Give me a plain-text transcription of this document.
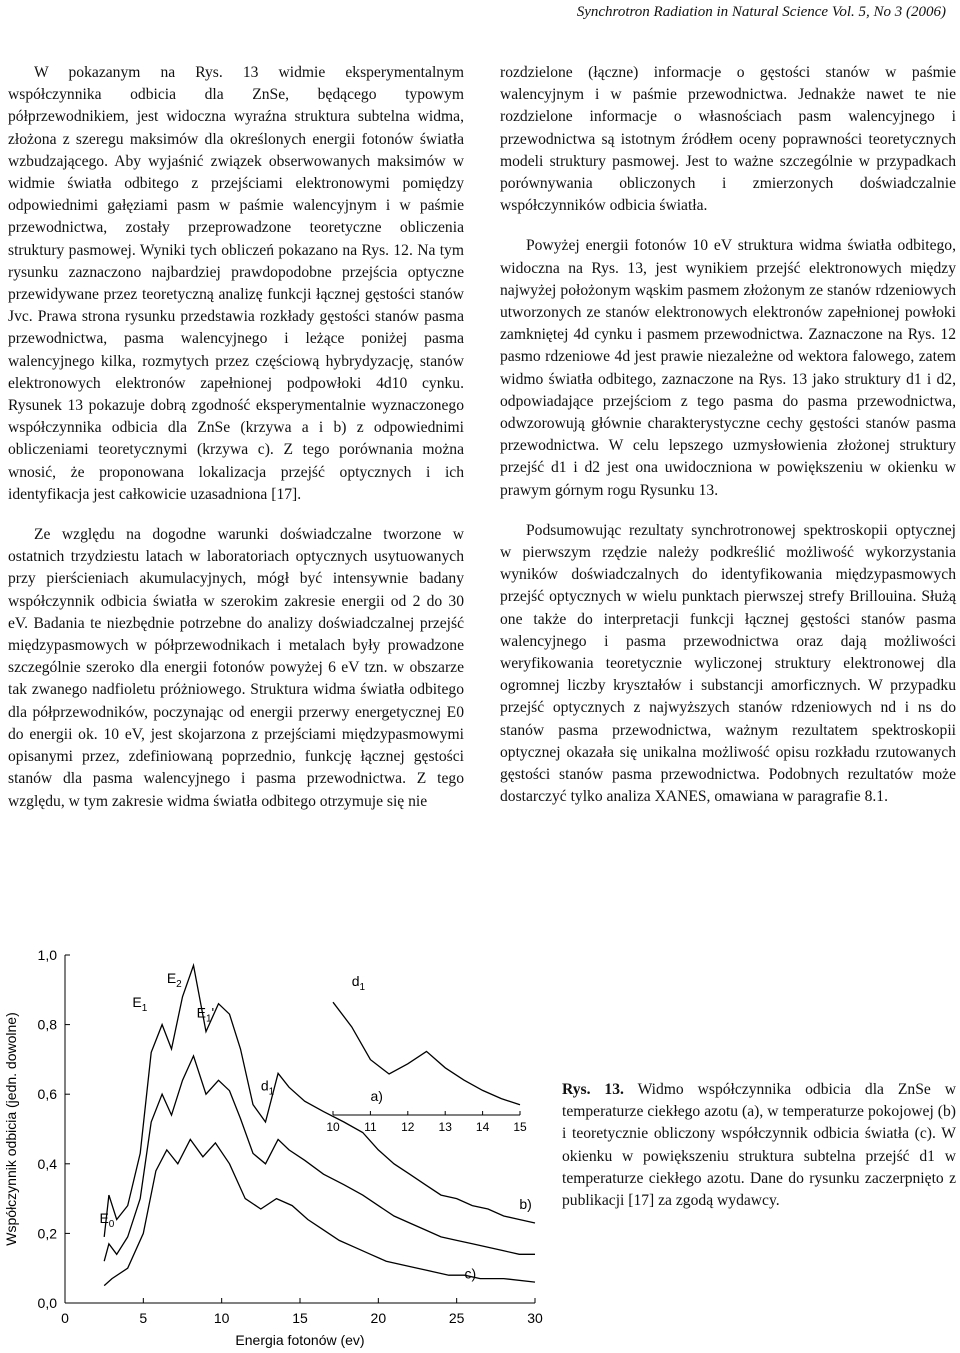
Synchrotron Radiation in Natural Science Vol. 5, No 3 (2006)

W pokazanym na Rys. 13 widmie eksperymentalnym współczynnika odbicia dla ZnSe, będącego typowym półprzewodnikiem, jest widoczna wyraźna struktura subtelna widma, złożona z szeregu maksimów dla określonych energii fotonów światła wzbudzającego. Aby wyjaśnić związek obserwowanych maksimów w widmie światła odbitego z przejściami elektronowymi pomiędzy odpowiednimi gałęziami pasm w paśmie walencyjnym i w paśmie przewodnictwa, zostały przeprowadzone teoretyczne obliczenia struktury pasmowej. Wyniki tych obliczeń pokazano na Rys. 12. Na tym rysunku zaznaczono najbardziej prawdopodobne przejścia optyczne przewidywane przez teoretyczną analizę funkcji łącznej gęstości stanów Jvc. Prawa strona rysunku przedstawia rozkłady gęstości stanów pasma przewodnictwa, pasma walencyjnego i leżące poniżej pasma walencyjnego kilka, rozmytych przez częściową hybrydyzację, stanów elektronowych elektronów zapełnionej podpowłoki 4d10 cynku. Rysunek 13 pokazuje dobrą zgodność eksperymentalnie wyznaczonego współczynnika odbicia dla ZnSe (krzywa a i b) z odpowiednimi obliczeniami teoretycznymi (krzywa c). Z tego porównania można wnosić, że proponowana lokalizacja przejść optycznych i ich identyfikacja jest całkowicie uzasadniona [17].

Ze względu na dogodne warunki doświadczalne tworzone w ostatnich trzydziestu latach w laboratoriach optycznych usytuowanych przy pierścieniach akumulacyjnych, mógł być intensywnie badany współczynnik odbicia światła w szerokim zakresie energii od 2 do 30 eV. Badania te niezbędnie potrzebne do analizy doświadczalnej przejść międzypasmowych w półprzewodnikach i metalach były prowadzone szczególnie szeroko dla energii fotonów powyżej 6 eV tzn. w obszarze tak zwanego nadfioletu próżniowego. Struktura widma światła odbitego dla półprzewodników, poczynając od energii przerwy energetycznej E0 do energii ok. 10 eV, jest skojarzona z przejściami międzypasmowymi opisanymi przez, zdefiniowaną poprzednio, funkcję łącznej gęstości stanów dla pasma walencyjnego i pasma przewodnictwa. Z tego względu, w tym zakresie widma światła odbitego otrzymuje się nie

rozdzielone (łączne) informacje o gęstości stanów w paśmie walencyjnym i w paśmie przewodnictwa. Jednakże nawet te nie rozdzielone informacje o własnościach pasm walencyjnego i przewodnictwa są istotnym źródłem oceny poprawności teoretycznych modeli struktury pasmowej. Jest to ważne szczególnie w przypadkach porównywania obliczonych i zmierzonych doświadczalnie współczynników odbicia światła.

Powyżej energii fotonów 10 eV struktura widma światła odbitego, widoczna na Rys. 13, jest wynikiem przejść elektronowych między najwyżej położonym wąskim pasmem złożonym ze stanów rdzeniowych utworzonych ze stanów elektronowych elektronów zapełnionej powłoki zamkniętej 4d cynku i pasmem przewodnictwa. Zaznaczone na Rys. 12 pasmo rdzeniowe 4d jest prawie niezależne od wektora falowego, zatem widmo światła odbitego, zaznaczone na Rys. 13 jako struktury d1 i d2, odpowiadające przejściom z tego pasma do pasma przewodnictwa, odwzorowują głównie charakterystyczne cechy gęstości stanów pasma przewodnictwa. W celu lepszego uzmysłowienia złożonej struktury przejść d1 i d2 jest ona uwidoczniona w powiększeniu w okienku w prawym górnym rogu Rysunku 13.

Podsumowując rezultaty synchrotronowej spektroskopii optycznej w pierwszym rzędzie należy podkreślić możliwość wykorzystania wyników doświadczalnych do identyfikowania międzypasmowych przejść optycznych w wielu punktach pierwszej strefy Brillouina. Służą one także do interpretacji funkcji łącznej gęstości stanów pasma walencyjnego i pasma przewodnictwa oraz dają możliwości weryfikowania teoretycznie wyliczonej struktury elektronowej dla ogromnej liczby kryształów i substancji amorficznych. W przypadku przejść optycznych z najwyższych stanów rdzeniowych nd i ns do stanów pasma przewodnictwa, ważnym rezultatem spektroskopii optycznej okazała się unikalna możliwość opisu rozkładu rzutowanych gęstości stanów pasma przewodnictwa. Podobnych rezultatów może dostarczyć tylko analiza XANES, omawiana w paragrafie 8.1.

0,0
0,2
0,4
0,6
0,8
1,0
0	5	10	15	20	25	30
10 11 12 13 14 15
$d_1$
Energia fotonów (ev)
Współczynnik odbicia (jedn. dowolne)	a)
b)
c)
$E_0$
$E_1$
$E_2$
$E_1'$
$d_1$	Rys. 13. Widmo współczynnika odbicia dla ZnSe w temperaturze ciekłego azotu (a), w temperaturze pokojowej (b) i teoretycznie obliczony współczynnik odbicia światła (c). W okienku w powiększeniu struktura subtelna przejść d1 w temperaturze ciekłego azotu. Dane do rysunku zaczerpnięto z publikacji [17] za zgodą wydawcy.
